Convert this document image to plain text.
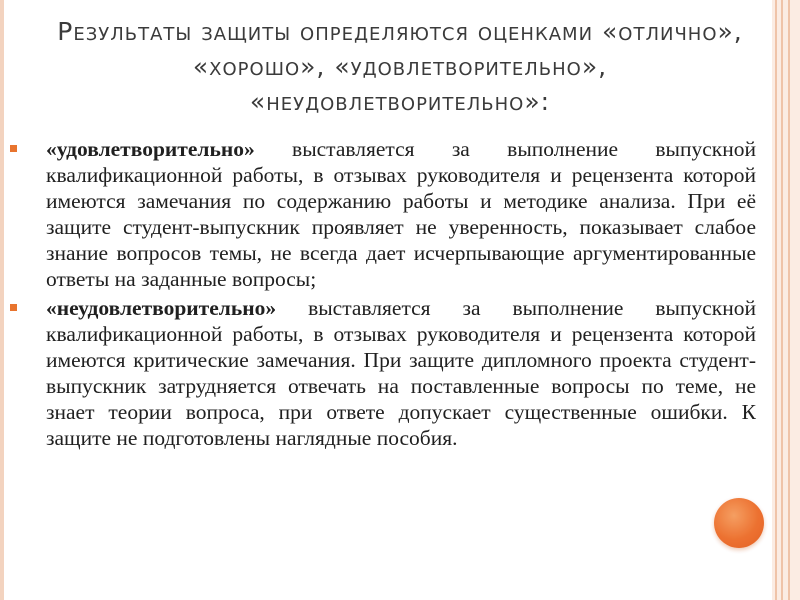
Результаты защиты определяются оценками «отлично»,
«хорошо», «удовлетворительно»,
«неудовлетворительно»:
«удовлетворительно» выставляется за выполнение выпускной квалификационной работы, в отзывах руководителя и рецензента которой имеются замечания по содержанию работы и методике анализа. При её защите студент-выпускник проявляет не уверенность, показывает слабое знание вопросов темы, не всегда дает исчерпывающие аргументированные ответы на заданные вопросы;
«неудовлетворительно» выставляется за выполнение выпускной квалификационной работы, в отзывах руководителя и рецензента которой имеются критические замечания. При защите дипломного проекта студент-выпускник затрудняется отвечать на поставленные вопросы по теме, не знает теории вопроса, при ответе допускает существенные ошибки. К защите не подготовлены наглядные пособия.
